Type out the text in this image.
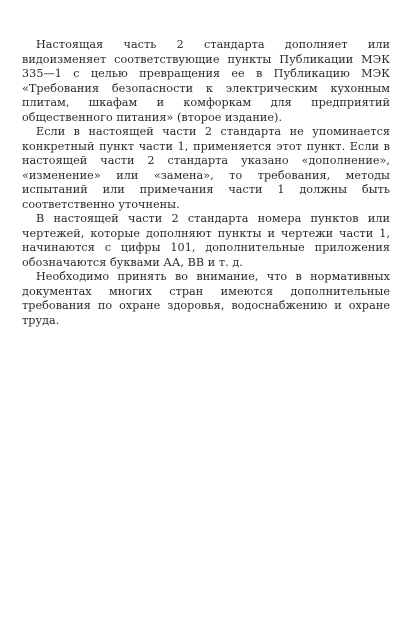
Настоящая часть 2 стандарта дополняет или видоизменяет соответствующие пункты Публикации МЭК 335—1 с целью превращения ее в Публикацию МЭК «Требования безопасности к электрическим кухонным плитам, шкафам и комфоркам для предприятий общественного питания» (второе издание).

Если в настоящей части 2 стандарта не упоминается конкретный пункт части 1, применяется этот пункт. Если в настоящей части 2 стандарта указано «дополнение», «изменение» или «замена», то требования, методы испытаний или примечания части 1 должны быть соответственно уточнены.

В настоящей части 2 стандарта номера пунктов или чертежей, которые дополняют пункты и чертежи части 1, начинаются с цифры 101, дополнительные приложения обозначаются буквами АА, ВВ и т. д.

Необходимо принять во внимание, что в нормативных документах многих стран имеются дополнительные требования по охране здоровья, водоснабжению и охране труда.
